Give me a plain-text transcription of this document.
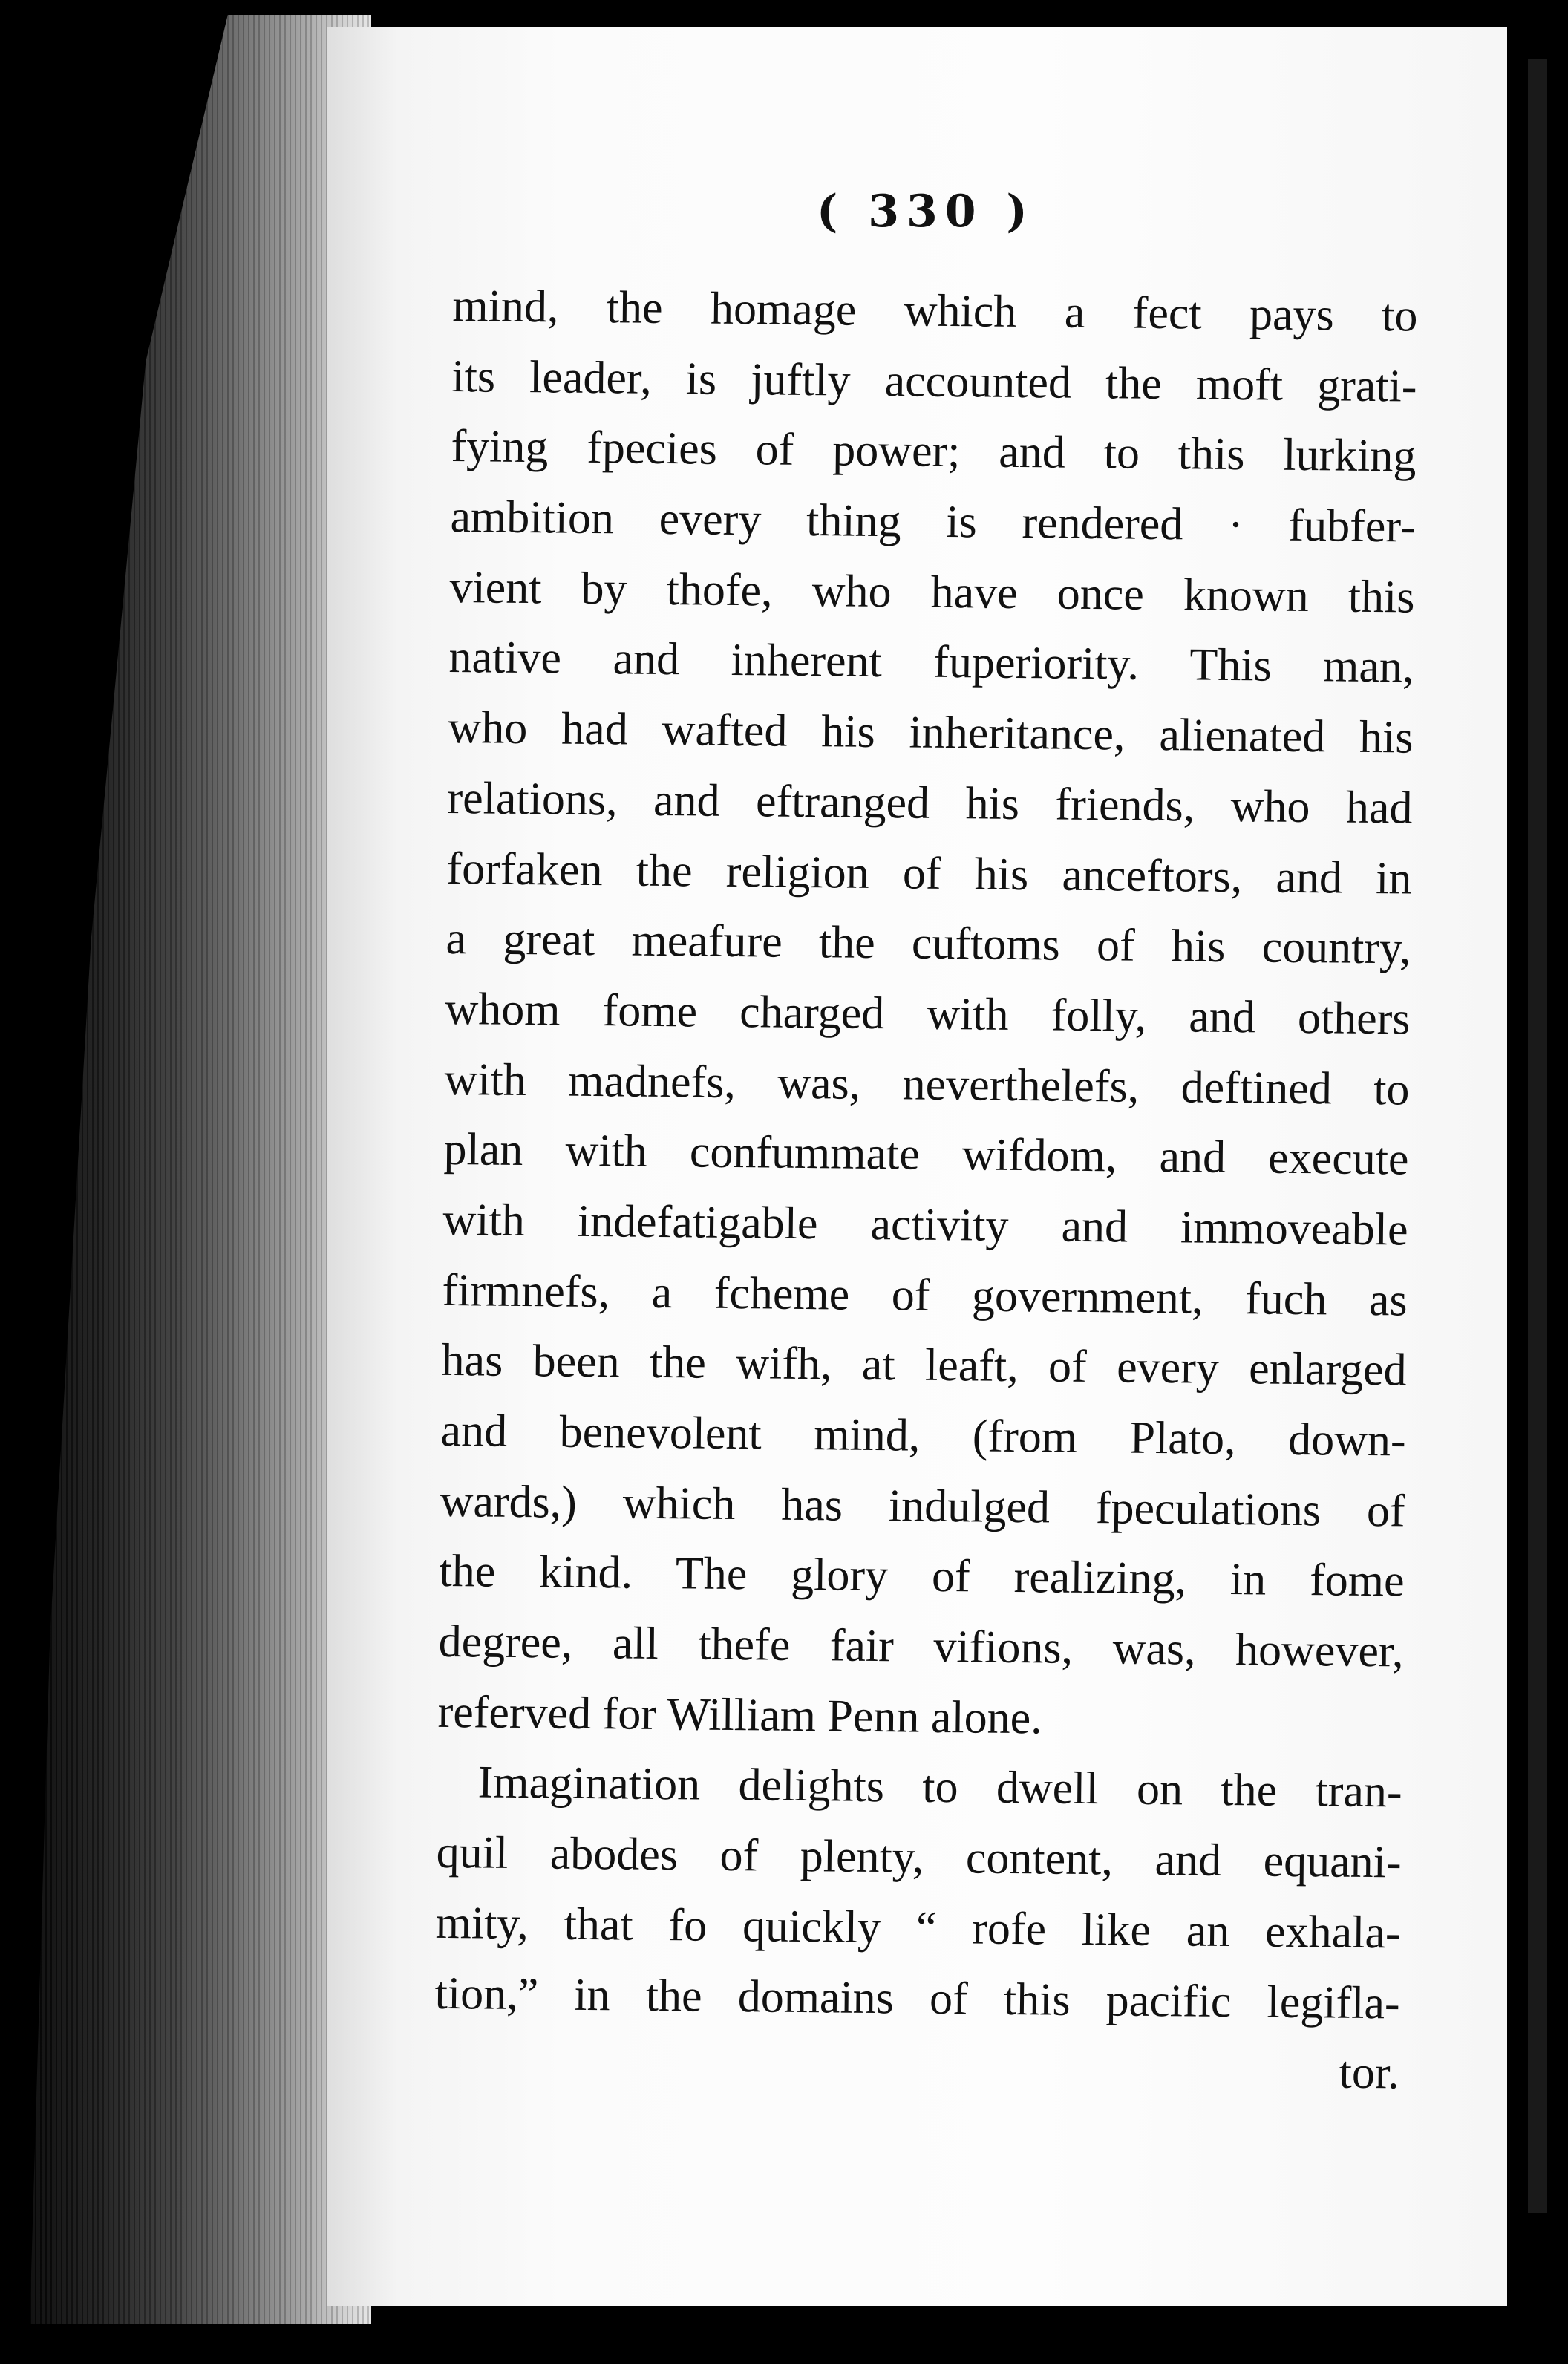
( 330 )
mind, the homage which a fect pays to
its leader, is juftly accounted the moft grati-
fying fpecies of power; and to this lurking
ambition every thing is rendered · fubfer-
vient by thofe, who have once known this
native and inherent fuperiority. This man,
who had wafted his inheritance, alienated his
relations, and eftranged his friends, who had
forfaken the religion of his anceftors, and in
a great meafure the cuftoms of his country,
whom fome charged with folly, and others
with madnefs, was, neverthelefs, deftined to
plan with confummate wifdom, and execute
with indefatigable activity and immoveable
firmnefs, a fcheme of government, fuch as
has been the wifh, at leaft, of every enlarged
and benevolent mind, (from Plato, down-
wards,) which has indulged fpeculations of
the kind. The glory of realizing, in fome
degree, all thefe fair vifions, was, however,
referved for William Penn alone.
Imagination delights to dwell on the tran-
quil abodes of plenty, content, and equani-
mity, that fo quickly “ rofe like an exhala-
tion,” in the domains of this pacific legifla-
tor.
